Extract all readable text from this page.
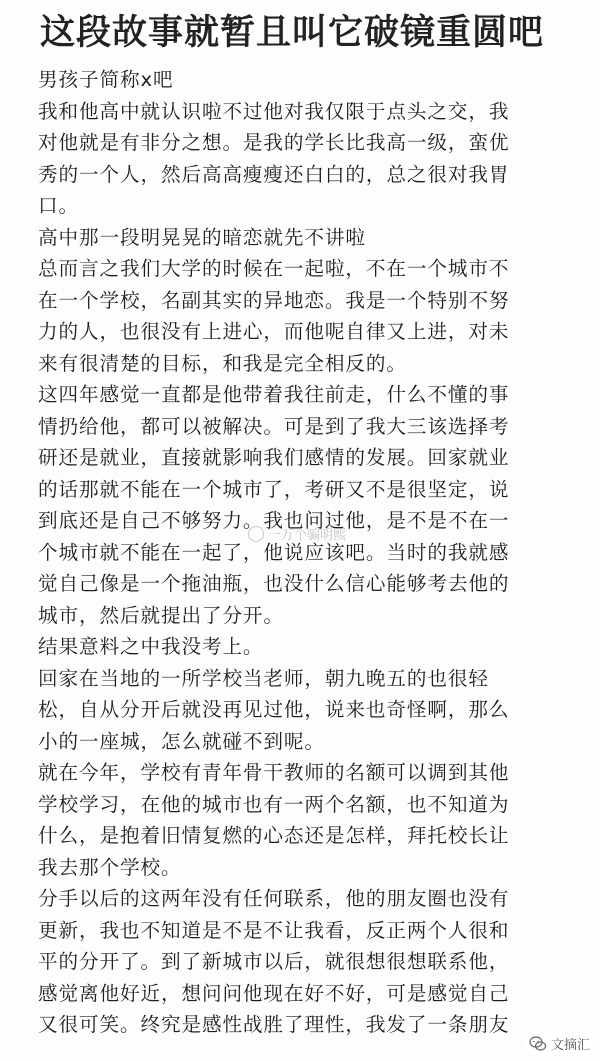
这段故事就暂且叫它破镜重圆吧
男孩子简称x吧
我和他高中就认识啦不过他对我仅限于点头之交，我
对他就是有非分之想。是我的学长比我高一级，蛮优
秀的一个人，然后高高瘦瘦还白白的，总之很对我胃
口。
高中那一段明晃晃的暗恋就先不讲啦
总而言之我们大学的时候在一起啦，不在一个城市不
在一个学校，名副其实的异地恋。我是一个特别不努
力的人，也很没有上进心，而他呢自律又上进，对未
来有很清楚的目标，和我是完全相反的。
这四年感觉一直都是他带着我往前走，什么不懂的事
情扔给他，都可以被解决。可是到了我大三该选择考
研还是就业，直接就影响我们感情的发展。回家就业
的话那就不能在一个城市了，考研又不是很坚定，说
到底还是自己不够努力。我也问过他，是不是不在一
个城市就不能在一起了，他说应该吧。当时的我就感
觉自己像是一个拖油瓶，也没什么信心能够考去他的
城市，然后就提出了分开。
结果意料之中我没考上。
回家在当地的一所学校当老师，朝九晚五的也很轻
松，自从分开后就没再见过他，说来也奇怪啊，那么
小的一座城，怎么就碰不到呢。
就在今年，学校有青年骨干教师的名额可以调到其他
学校学习，在他的城市也有一两个名额，也不知道为
什么，是抱着旧情复燃的心态还是怎样，拜托校长让
我去那个学校。
分手以后的这两年没有任何联系，他的朋友圈也没有
更新，我也不知道是不是不让我看，反正两个人很和
平的分开了。到了新城市以后，就很想很想联系他，
感觉离他好近，想问问他现在好不好，可是感觉自己
又很可笑。终究是感性战胜了理性，我发了一条朋友
一万个骗明熙
文摘汇
